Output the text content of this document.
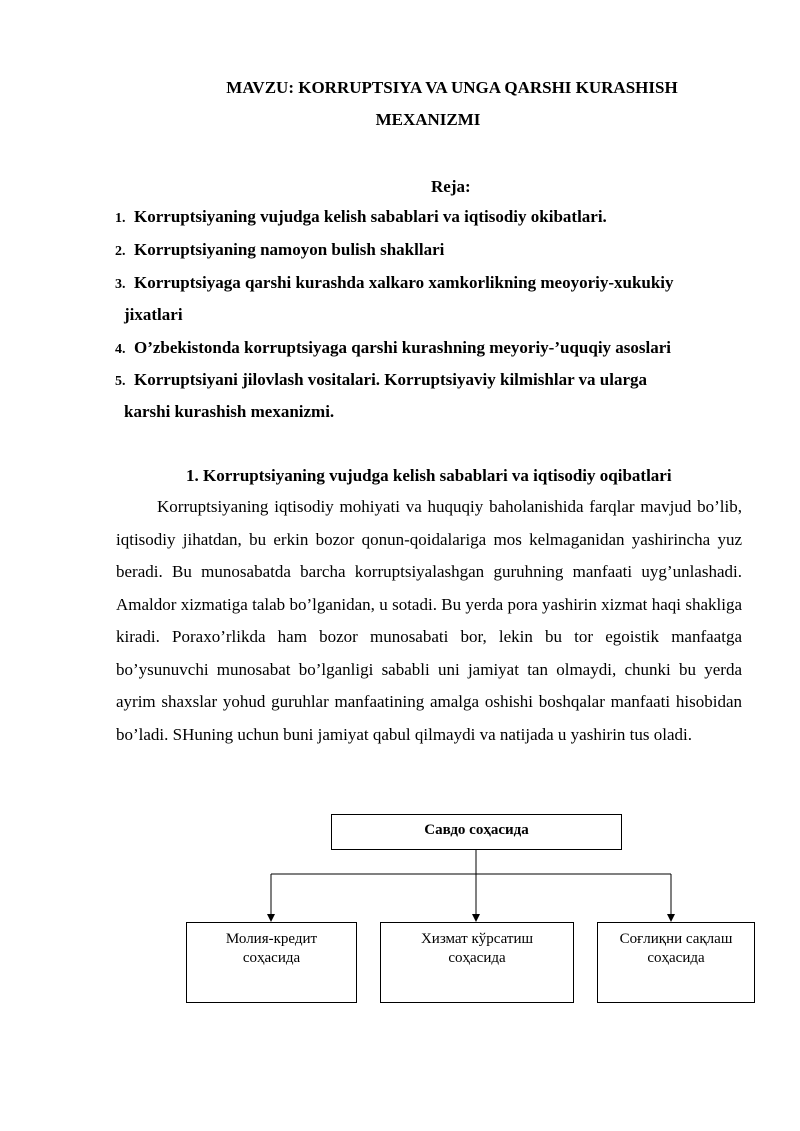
MAVZU: KORRUPTSIYA VA UNGA QARSHI KURASHISH
MEXANIZMI
Reja:
1. Korruptsiyaning vujudga kelish sabablari va iqtisodiy okibatlari.
2. Korruptsiyaning namoyon bulish shakllari
3. Korruptsiyaga qarshi kurashda xalkaro xamkorlikning meoyoriy-xukukiy
jixatlari
4. O’zbekistonda korruptsiyaga qarshi kurashning meyoriy-’uquqiy asoslari
5. Korruptsiyani jilovlash vositalari. Korruptsiyaviy kilmishlar va ularga
karshi kurashish mexanizmi.
1. Korruptsiyaning vujudga kelish sabablari va iqtisodiy oqibatlari
Korruptsiyaning iqtisodiy mohiyati va huquqiy baholanishida farqlar mavjud bo’lib, iqtisodiy jihatdan, bu erkin bozor qonun-qoidalariga mos kelmaganidan yashirincha yuz beradi. Bu munosabatda barcha korruptsiyalashgan guruhning manfaati uyg’unlashadi. Amaldor xizmatiga talab bo’lganidan, u sotadi. Bu yerda pora yashirin xizmat haqi shakliga kiradi. Poraxo’rlikda ham bozor munosabati bor, lekin bu tor egoistik manfaatga bo’ysunuvchi munosabat bo’lganligi sababli uni jamiyat tan olmaydi, chunki bu yerda ayrim shaxslar yohud guruhlar manfaatining amalga oshishi boshqalar manfaati hisobidan bo’ladi. SHuning uchun buni jamiyat qabul qilmaydi va natijada u yashirin tus oladi.
Савдо соҳасида
Молия-кредит
соҳасида
Хизмат кўрсатиш
соҳасида
Соғлиқни сақлаш
соҳасида
